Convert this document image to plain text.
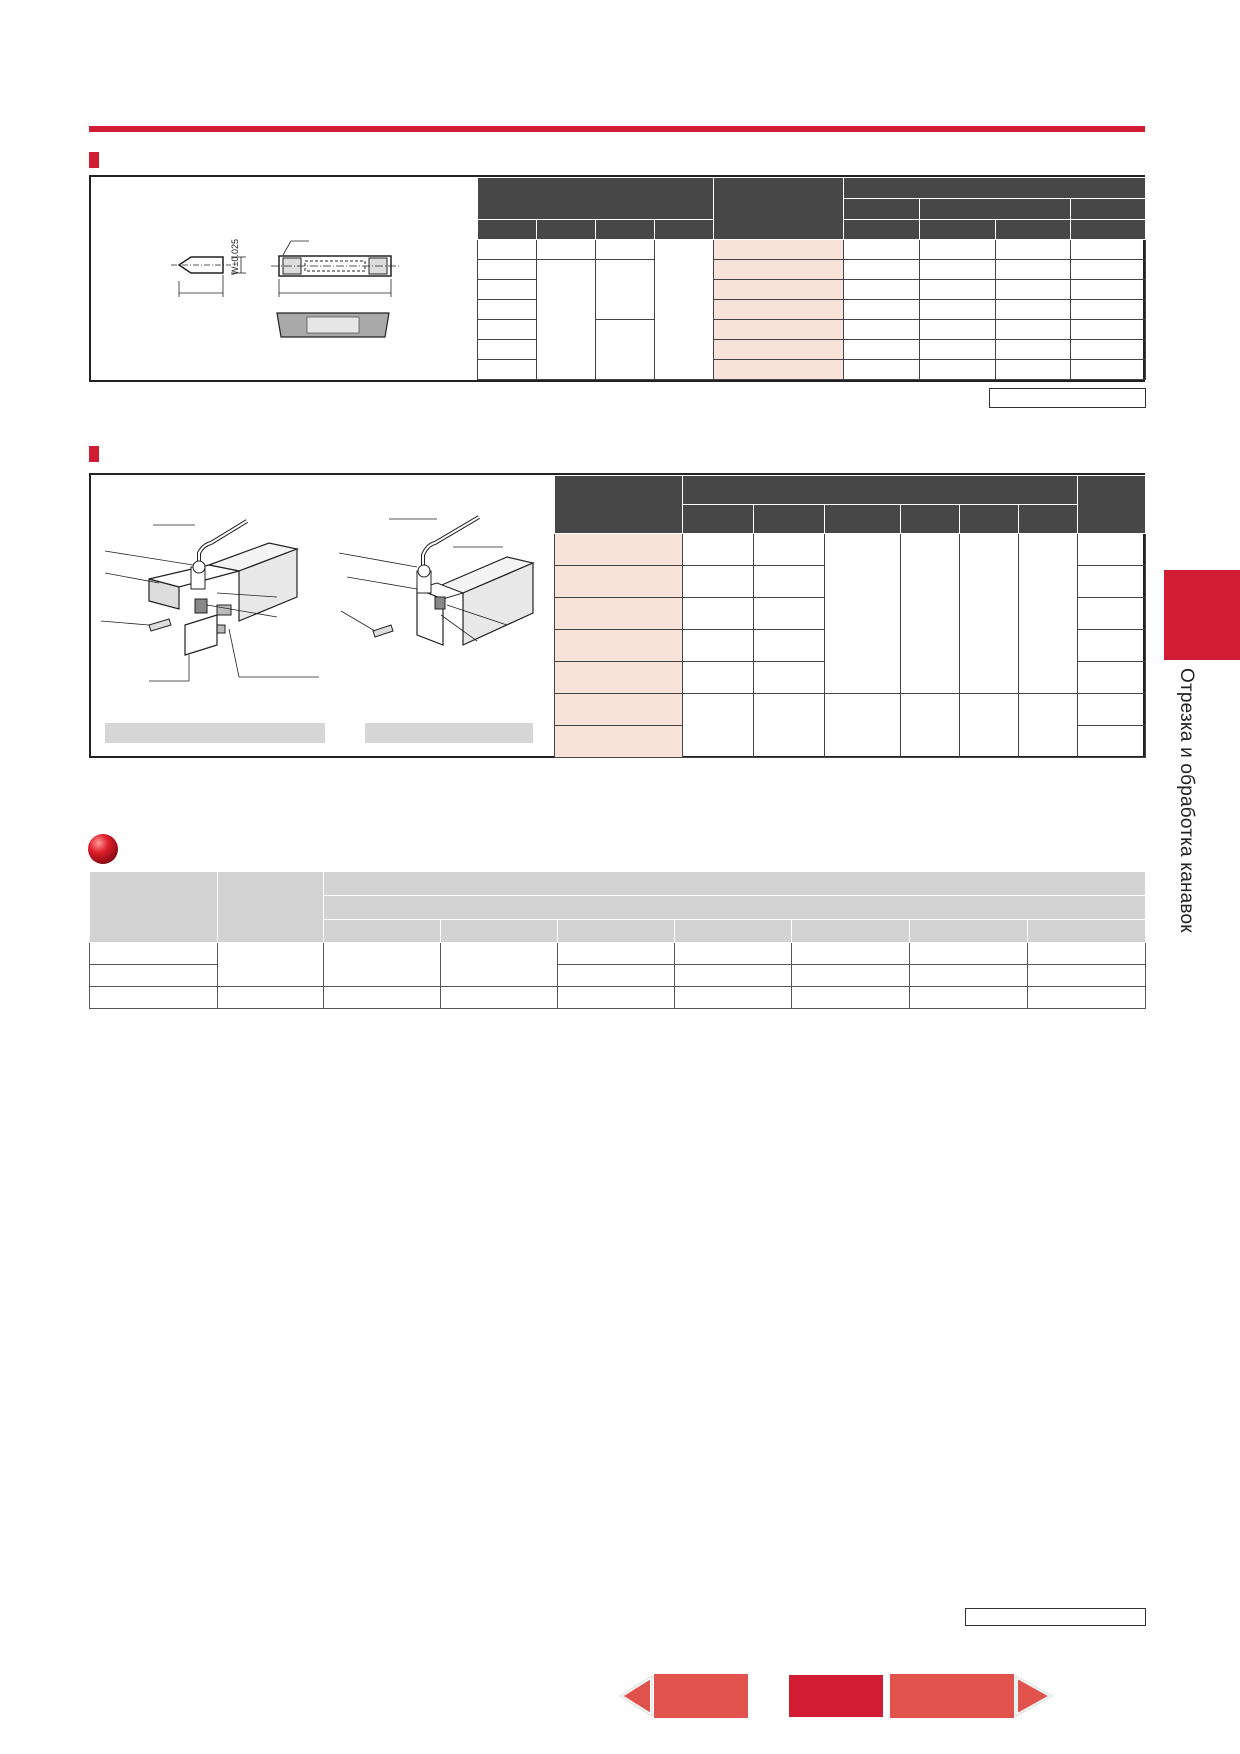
W±0.025

Отрезка и обработка канавок
